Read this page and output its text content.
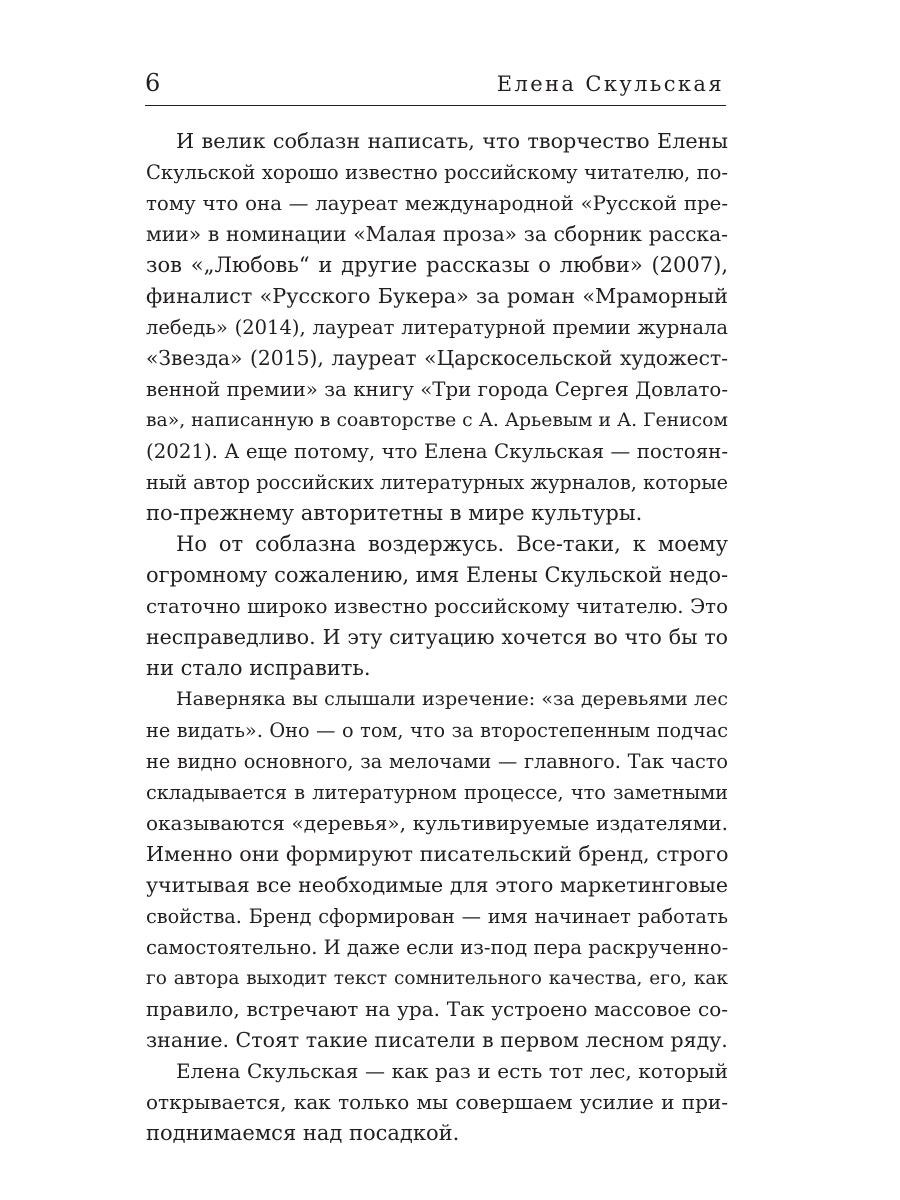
6	Елена Скульская

И велик соблазн написать, что творчество Елены
Скульской хорошо известно российскому читателю, по-
тому что она — лауреат международной «Русской пре-
мии» в номинации «Малая проза» за сборник расска-
зов «„Любовь“ и другие рассказы о любви» (2007),
финалист «Русского Букера» за роман «Мраморный
лебедь» (2014), лауреат литературной премии журнала
«Звезда» (2015), лауреат «Царскосельской художест-
венной премии» за книгу «Три города Сергея Довлато-
ва», написанную в соавторстве с А. Арьевым и А. Генисом
(2021). А еще потому, что Елена Скульская — постоян-
ный автор российских литературных журналов, которые
по-прежнему авторитетны в мире культуры.

Но от соблазна воздержусь. Все-таки, к моему
огромному сожалению, имя Елены Скульской недо-
статочно широко известно российскому читателю. Это
несправедливо. И эту ситуацию хочется во что бы то
ни стало исправить.

Наверняка вы слышали изречение: «за деревьями лес
не видать». Оно — о том, что за второстепенным подчас
не видно основного, за мелочами — главного. Так часто
складывается в литературном процессе, что заметными
оказываются «деревья», культивируемые издателями.
Именно они формируют писательский бренд, строго
учитывая все необходимые для этого маркетинговые
свойства. Бренд сформирован — имя начинает работать
самостоятельно. И даже если из-под пера раскрученно-
го автора выходит текст сомнительного качества, его, как
правило, встречают на ура. Так устроено массовое со-
знание. Стоят такие писатели в первом лесном ряду.

Елена Скульская — как раз и есть тот лес, который
открывается, как только мы совершаем усилие и при-
поднимаемся над посадкой.
